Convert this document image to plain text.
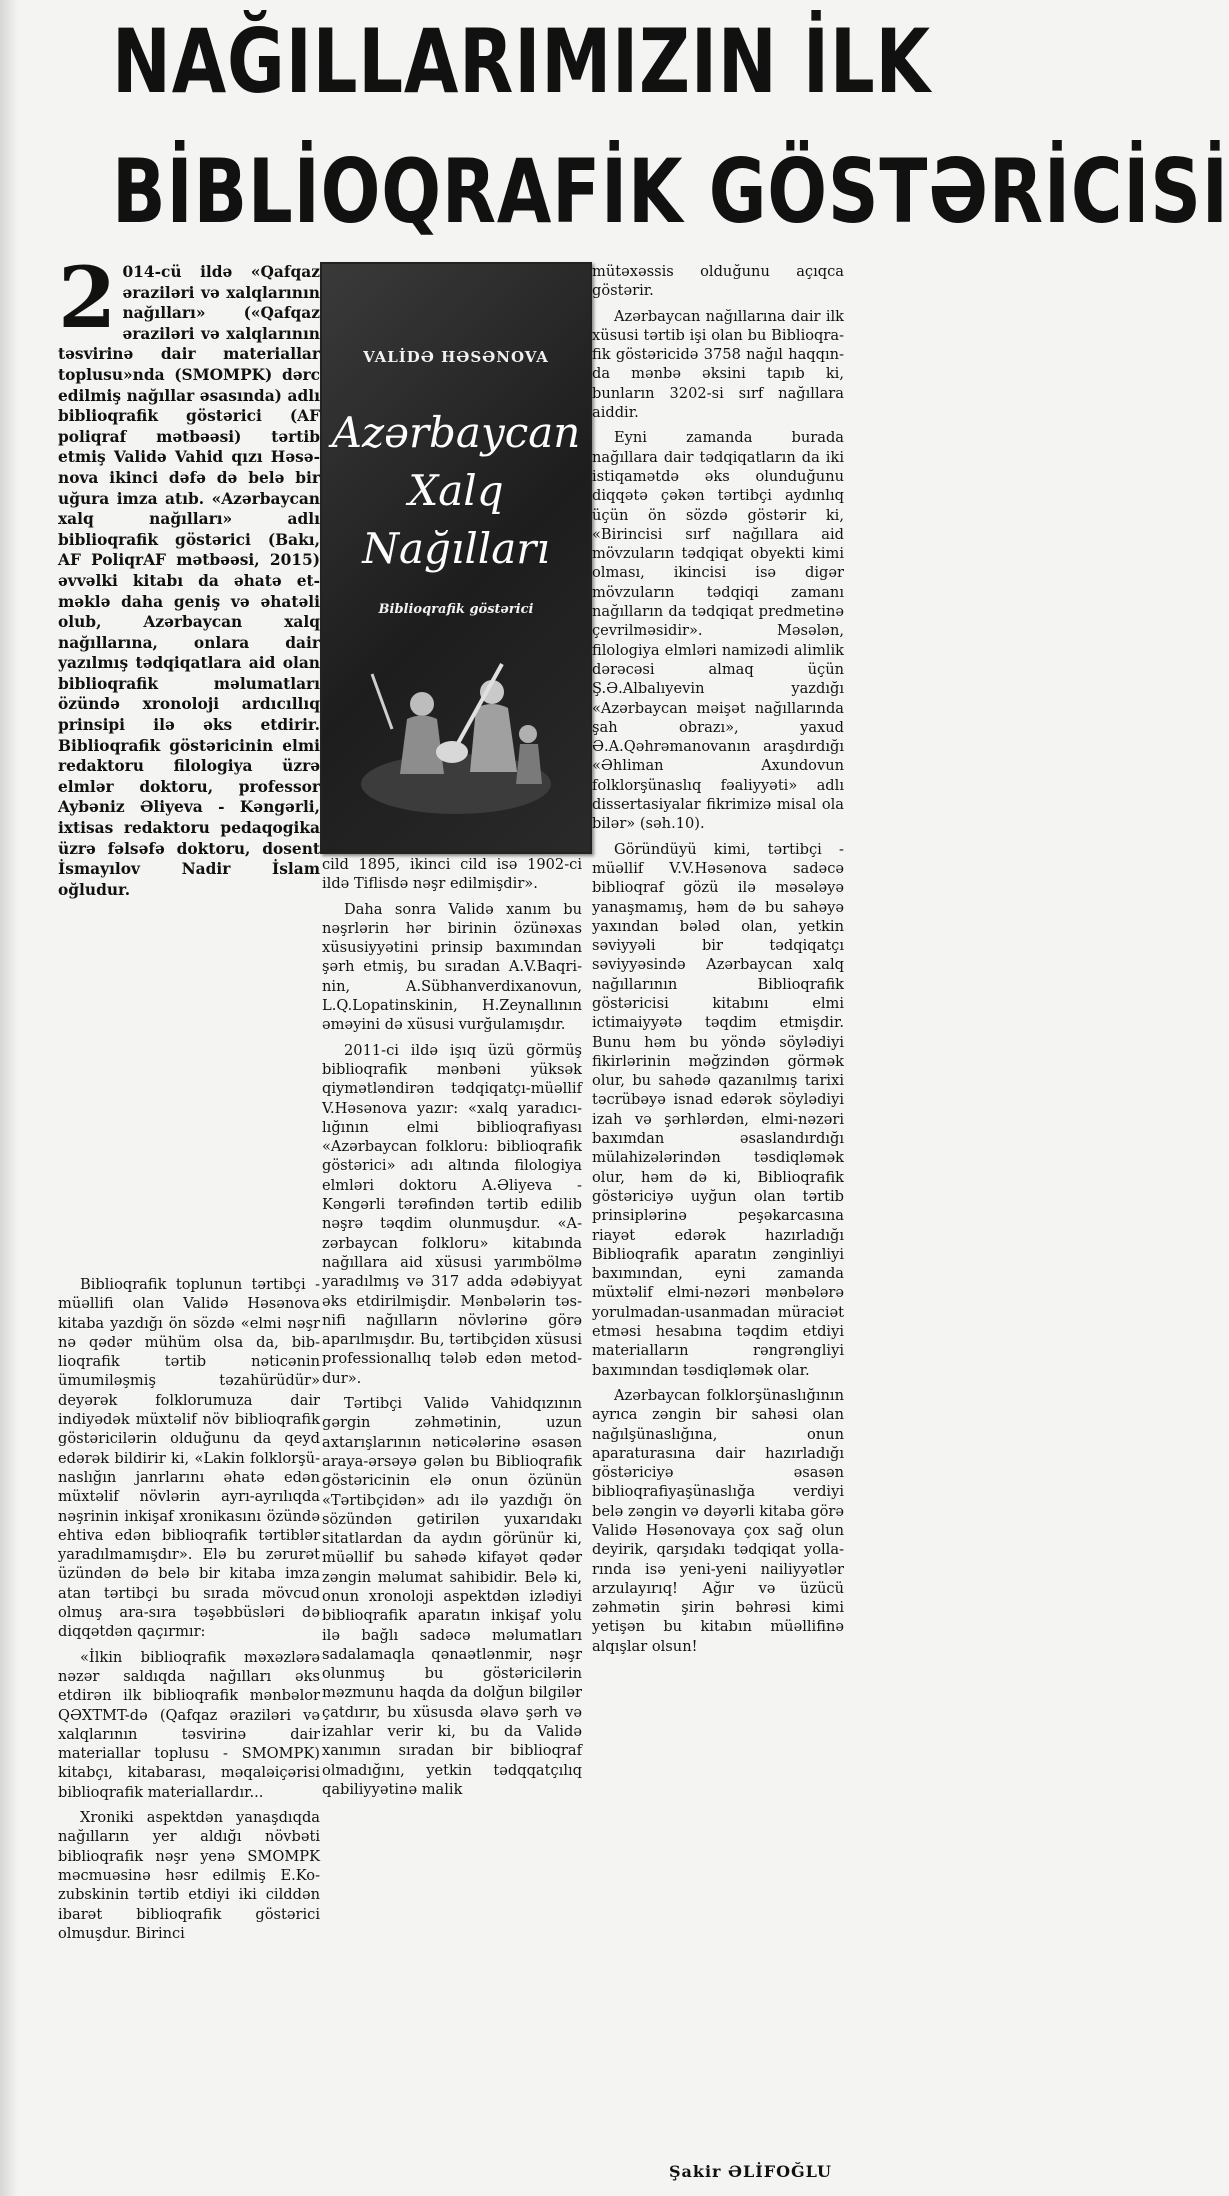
NAĞILLARIMIZIN İLK
BİBLİOQRAFİK GÖSTƏRİCİSİ
2 014-cü ildə «Qafqaz əraziləri və xalqlarının nağılları» («Qafqaz əraziləri və xalqlarının təsvirinə dair materiallar toplusu»nda (SMOMPK) dərc edilmiş nağıllar əsasında) adlı biblioqrafik göstərici (AF poliqraf mətbəəsi) tərtib etmiş Validə Vahid qızı Həsənova ikinci dəfə də belə bir uğura imza atıb. «Azərbaycan xalq nağılları» adlı biblioqrafik göstərici (Bakı, AF PoliqrAF mətbəəsi, 2015) əvvəlki kitabı da əhatə etməklə daha geniş və əhatəli olub, Azərbaycan xalq nağıllarına, onlara dair yazılmış tədqiqatlara aid olan biblioqrafik məlumatları özündə xronoloji ardıcıllıq prinsipi ilə əks etdirir. Biblioqrafik göstəricinin elmi redaktoru filologiya üzrə elmlər doktoru, professor Aybəniz Əliyeva - Kəngərli, ixtisas redaktoru pedaqogika üzrə fəlsəfə doktoru, dosent İsmayılov Nadir İslam oğludur.
VALİDƏ HƏSƏNOVA
Azərbaycan
Xalq
Nağılları
Biblioqrafik göstərici

Biblioqrafik toplunun tərtibçi - müəllifi olan Validə Həsənova kitaba yazdığı ön sözdə «elmi nəşr nə qədər mühüm olsa da, biblioqrafik tərtib nəticənin ümumiləşmiş təzahürüdür» deyərək folklorumuza dair indiyədək müxtəlif növ biblioqrafik göstəricilərin olduğunu da qeyd edərək bildirir ki, «Lakin folklorşünaslığın janrlarını əhatə edən müxtəlif növlərin ayrı-ayrılıqda nəşrinin inkişaf xronikasını özündə ehtiva edən biblioqrafik tərtiblər yaradılmamışdır». Elə bu zərurət üzündən də belə bir kitaba imza atan tərtibçi bu sırada mövcud olmuş ara-sıra təşəbbüsləri də diqqətdən qaçırmır:

«İlkin biblioqrafik məxəzlərə nəzər saldıqda nağılları əks etdirən ilk biblioqrafik mənbəlor QƏXTMT-də (Qafqaz əraziləri və xalqlarının təsvirinə dair materiallar toplusu - SMOMPK) kitabçı, kitabarası, məqaləiçərisi biblioqrafik materiallardır...

Xroniki aspektdən yanaşdıqda nağılların yer aldığı növbəti biblioqrafik nəşr yenə SMOMPK məcmuəsinə həsr edilmiş E.Kozubskinin tərtib etdiyi iki cilddən ibarət biblioqrafik göstərici olmuşdur. Birinci

cild 1895, ikinci cild isə 1902-ci ildə Tiflisdə nəşr edilmişdir».

Daha sonra Validə xanım bu nəşrlərin hər birinin özünəxas xüsusiyyətini prinsip baxımından şərh etmiş, bu sıradan A.V.Baqrinin, A.Sübhanverdixanovun, L.Q.Lopatinskinin, H.Zeynallının əməyini də xüsusi vurğulamışdır.

2011-ci ildə işıq üzü görmüş biblioqrafik mənbəni yüksək qiymətləndirən tədqiqatçı-müəllif V.Həsənova yazır: «xalq yaradıcılığının elmi biblioqrafiyası «Azərbaycan folkloru: biblioqrafik göstərici» adı altında filologiya elmləri doktoru A.Əliyeva - Kəngərli tərəfindən tərtib edilib nəşrə təqdim olunmuşdur. «Azərbaycan folkloru» kitabında nağıllara aid xüsusi yarımbölmə yaradılmış və 317 adda ədəbiyyat əks etdirilmişdir. Mənbələrin təsnifi nağılların növlərinə görə aparılmışdır. Bu, tərtibçidən xüsusi professionallıq tələb edən metoddur».

Tərtibçi Validə Vahidqızının gərgin zəhmətinin, uzun axtarışlarının nəticələrinə əsasən araya-ərsəyə gələn bu Biblioqrafik göstəricinin elə onun özünün «Tərtibçidən» adı ilə yazdığı ön sözündən gətirilən yuxarıdakı sitatlardan da aydın görünür ki, müəllif bu sahədə kifayət qədər zəngin məlumat sahibidir. Belə ki, onun xronoloji aspektdən izlədiyi biblioqrafik aparatın inkişaf yolu ilə bağlı sadəcə məlumatları sadalamaqla qənaətlənmir, nəşr olunmuş bu göstəricilərin məzmunu haqda da dolğun bilgilər çatdırır, bu xüsusda əlavə şərh və izahlar verir ki, bu da Validə xanımın sıradan bir biblioqraf olmadığını, yetkin tədqqatçılıq qabiliyyətinə malik

mütəxəssis olduğunu açıqca göstərir.

Azərbaycan nağıllarına dair ilk xüsusi tərtib işi olan bu Biblioqrafik göstəricidə 3758 nağıl haqqında mənbə əksini tapıb ki, bunların 3202-si sırf nağıllara aiddir.

Eyni zamanda burada nağıllara dair tədqiqatların da iki istiqamətdə əks olunduğunu diqqətə çəkən tərtibçi aydınlıq üçün ön sözdə göstərir ki, «Birincisi sırf nağıllara aid mövzuların tədqiqat obyekti kimi olması, ikincisi isə digər mövzuların tədqiqi zamanı nağılların da tədqiqat predmetinə çevrilməsidir». Məsələn, filologiya elmləri namizədi alimlik dərəcəsi almaq üçün Ş.Ə.Albalıyevin yazdığı «Azərbaycan məişət nağıllarında şah obrazı», yaxud Ə.A.Qəhrəmanovanın araşdırdığı «Əhliman Axundovun folklorşünaslıq fəaliyyəti» adlı dissertasiyalar fikrimizə misal ola bilər» (səh.10).

Göründüyü kimi, tərtibçi - müəllif V.V.Həsənova sadəcə biblioqraf gözü ilə məsələyə yanaşmamış, həm də bu sahəyə yaxından bələd olan, yetkin səviyyəli bir tədqiqatçı səviyyəsində Azərbaycan xalq nağıllarının Biblioqrafik göstəricisi kitabını elmi ictimaiyyətə təqdim etmişdir. Bunu həm bu yöndə söylədiyi fikirlərinin məğzindən görmək olur, bu sahədə qazanılmış tarixi təcrübəyə isnad edərək söylədiyi izah və şərhlərdən, elmi-nəzəri baxımdan əsaslandırdığı mülahizələrindən təsdiqləmək olur, həm də ki, Biblioqrafik göstəriciyə uyğun olan tərtib prinsiplərinə peşəkarcasına riayət edərək hazırladığı Biblioqrafik aparatın zənginliyi baxımından, eyni zamanda müxtəlif elmi-nəzəri mənbələrə yorulmadan-usanmadan müraciət etməsi hesabına təqdim etdiyi materialların rəngrəngliyi baxımından təsdiqləmək olar.

Azərbaycan folklorşünaslığının ayrıca zəngin bir sahəsi olan nağılşünaslığına, onun aparaturasına dair hazırladığı göstəriciyə əsasən biblioqrafiyaşünaslığa verdiyi belə zəngin və dəyərli kitaba görə Validə Həsənovaya çox sağ olun deyirik, qarşıdakı tədqiqat yollarında isə yeni-yeni nailiyyətlər arzulayırıq! Ağır və üzücü zəhmətin şirin bəhrəsi kimi yetişən bu kitabın müəllifinə alqışlar olsun!

Şakir ƏLİFOĞLU
